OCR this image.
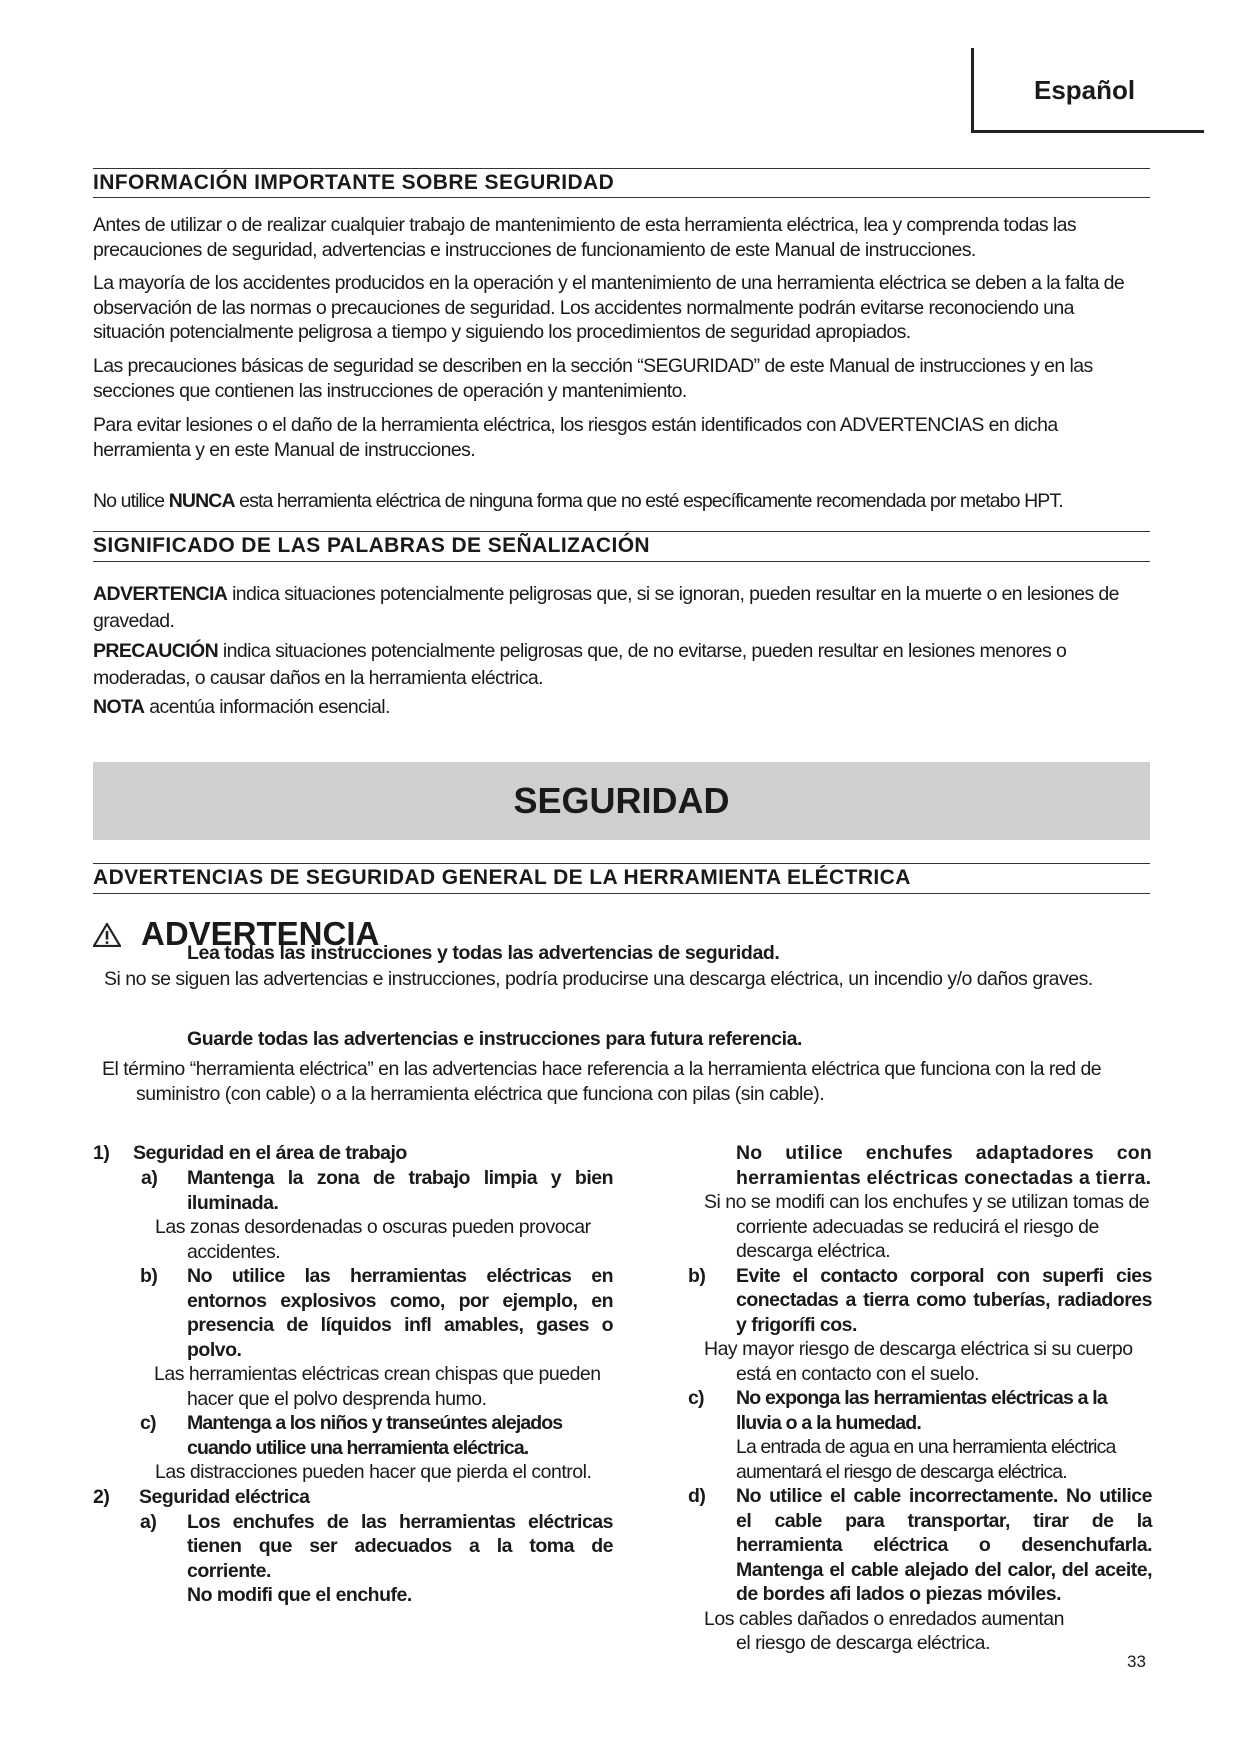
Español
INFORMACIÓN IMPORTANTE SOBRE SEGURIDAD

Antes de utilizar o de realizar cualquier trabajo de mantenimiento de esta herramienta eléctrica, lea y comprenda todas las precauciones de seguridad, advertencias e instrucciones de funcionamiento de este Manual de instrucciones.

La mayoría de los accidentes producidos en la operación y el mantenimiento de una herramienta eléctrica se deben a la falta de observación de las normas o precauciones de seguridad. Los accidentes normalmente podrán evitarse reconociendo una situación potencialmente peligrosa a tiempo y siguiendo los procedimientos de seguridad apropiados.

Las precauciones básicas de seguridad se describen en la sección “SEGURIDAD” de este Manual de instrucciones y en las secciones que contienen las instrucciones de operación y mantenimiento.

Para evitar lesiones o el daño de la herramienta eléctrica, los riesgos están identificados con ADVERTENCIAS en dicha herramienta y en este Manual de instrucciones.

No utilice NUNCA esta herramienta eléctrica de ninguna forma que no esté específicamente recomendada por metabo HPT.

SIGNIFICADO DE LAS PALABRAS DE SEÑALIZACIÓN

ADVERTENCIA indica situaciones potencialmente peligrosas que, si se ignoran, pueden resultar en la muerte o en lesiones de gravedad.

PRECAUCIÓN indica situaciones potencialmente peligrosas que, de no evitarse, pueden resultar en lesiones menores o moderadas, o causar daños en la herramienta eléctrica.

NOTA acentúa información esencial.

SEGURIDAD
ADVERTENCIAS DE SEGURIDAD GENERAL DE LA HERRAMIENTA ELÉCTRICA
ADVERTENCIA
Lea todas las instrucciones y todas las advertencias de seguridad.
Si no se siguen las advertencias e instrucciones, podría producirse una descarga eléctrica, un incendio y/o daños graves.
Guarde todas las advertencias e instrucciones para futura referencia.
El término “herramienta eléctrica” en las advertencias hace referencia a la herramienta eléctrica que funciona con la red de suministro (con cable) o a la herramienta eléctrica que funciona con pilas (sin cable).
1) Seguridad en el área de trabajo
a) Mantenga la zona de trabajo limpia y bien iluminada.
Las zonas desordenadas o oscuras pueden provocar accidentes.
b) No utilice las herramientas eléctricas en entornos explosivos como, por ejemplo, en presencia de líquidos infl amables, gases o polvo.
Las herramientas eléctricas crean chispas que pueden hacer que el polvo desprenda humo.
c) Mantenga a los niños y transeúntes alejados cuando utilice una herramienta eléctrica.
Las distracciones pueden hacer que pierda el control.
2) Seguridad eléctrica
a) Los enchufes de las herramientas eléctricas tienen que ser adecuados a la toma de corriente.
No modifi que el enchufe.
No utilice enchufes adaptadores con herramientas eléctricas conectadas a tierra.
Si no se modifi can los enchufes y se utilizan tomas de corriente adecuadas se reducirá el riesgo de descarga eléctrica.
b) Evite el contacto corporal con superfi cies conectadas a tierra como tuberías, radiadores y frigorífi cos.
Hay mayor riesgo de descarga eléctrica si su cuerpo está en contacto con el suelo.
c) No exponga las herramientas eléctricas a la lluvia o a la humedad.
La entrada de agua en una herramienta eléctrica aumentará el riesgo de descarga eléctrica.
d) No utilice el cable incorrectamente. No utilice el cable para transportar, tirar de la herramienta eléctrica o desenchufarla. Mantenga el cable alejado del calor, del aceite, de bordes afi lados o piezas móviles.
Los cables dañados o enredados aumentan el riesgo de descarga eléctrica.
33
